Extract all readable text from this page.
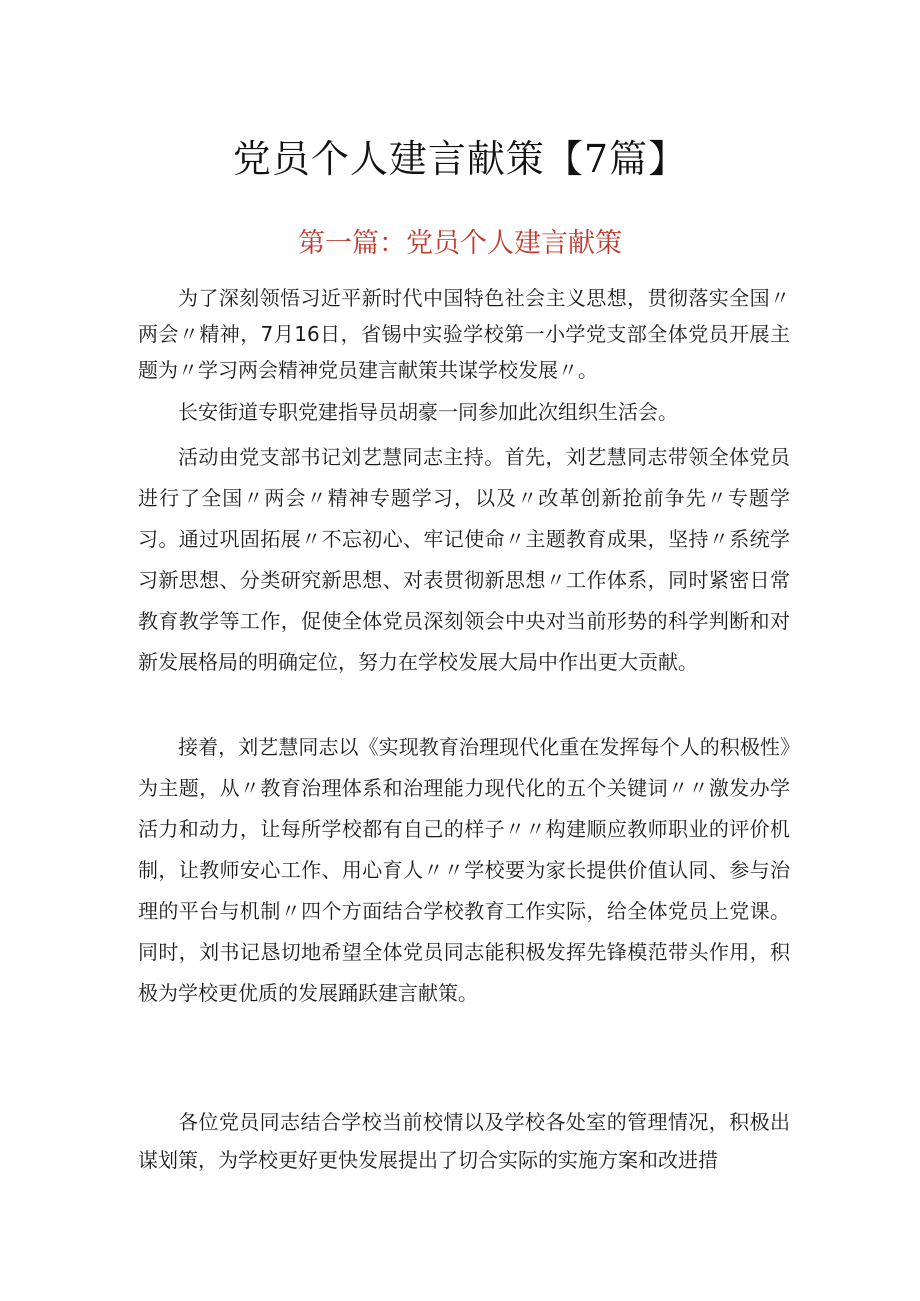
党员个人建言献策【7篇】
第一篇：党员个人建言献策

为了深刻领悟习近平新时代中国特色社会主义思想，贯彻落实全国〃两会〃精神，7月16日，省锡中实验学校第一小学党支部全体党员开展主题为〃学习两会精神党员建言献策共谋学校发展〃。

长安街道专职党建指导员胡豪一同参加此次组织生活会。

活动由党支部书记刘艺慧同志主持。首先，刘艺慧同志带领全体党员进行了全国〃两会〃精神专题学习，以及〃改革创新抢前争先〃专题学习。通过巩固拓展〃不忘初心、牢记使命〃主题教育成果，坚持〃系统学习新思想、分类研究新思想、对表贯彻新思想〃工作体系，同时紧密日常教育教学等工作，促使全体党员深刻领会中央对当前形势的科学判断和对新发展格局的明确定位，努力在学校发展大局中作出更大贡献。

接着，刘艺慧同志以《实现教育治理现代化重在发挥每个人的积极性》为主题，从〃教育治理体系和治理能力现代化的五个关键词〃〃激发办学活力和动力，让每所学校都有自己的样子〃〃构建顺应教师职业的评价机制，让教师安心工作、用心育人〃〃学校要为家长提供价值认同、参与治理的平台与机制〃四个方面结合学校教育工作实际，给全体党员上党课。同时，刘书记恳切地希望全体党员同志能积极发挥先锋模范带头作用，积极为学校更优质的发展踊跃建言献策。

各位党员同志结合学校当前校情以及学校各处室的管理情况，积极出谋划策，为学校更好更快发展提出了切合实际的实施方案和改进措
